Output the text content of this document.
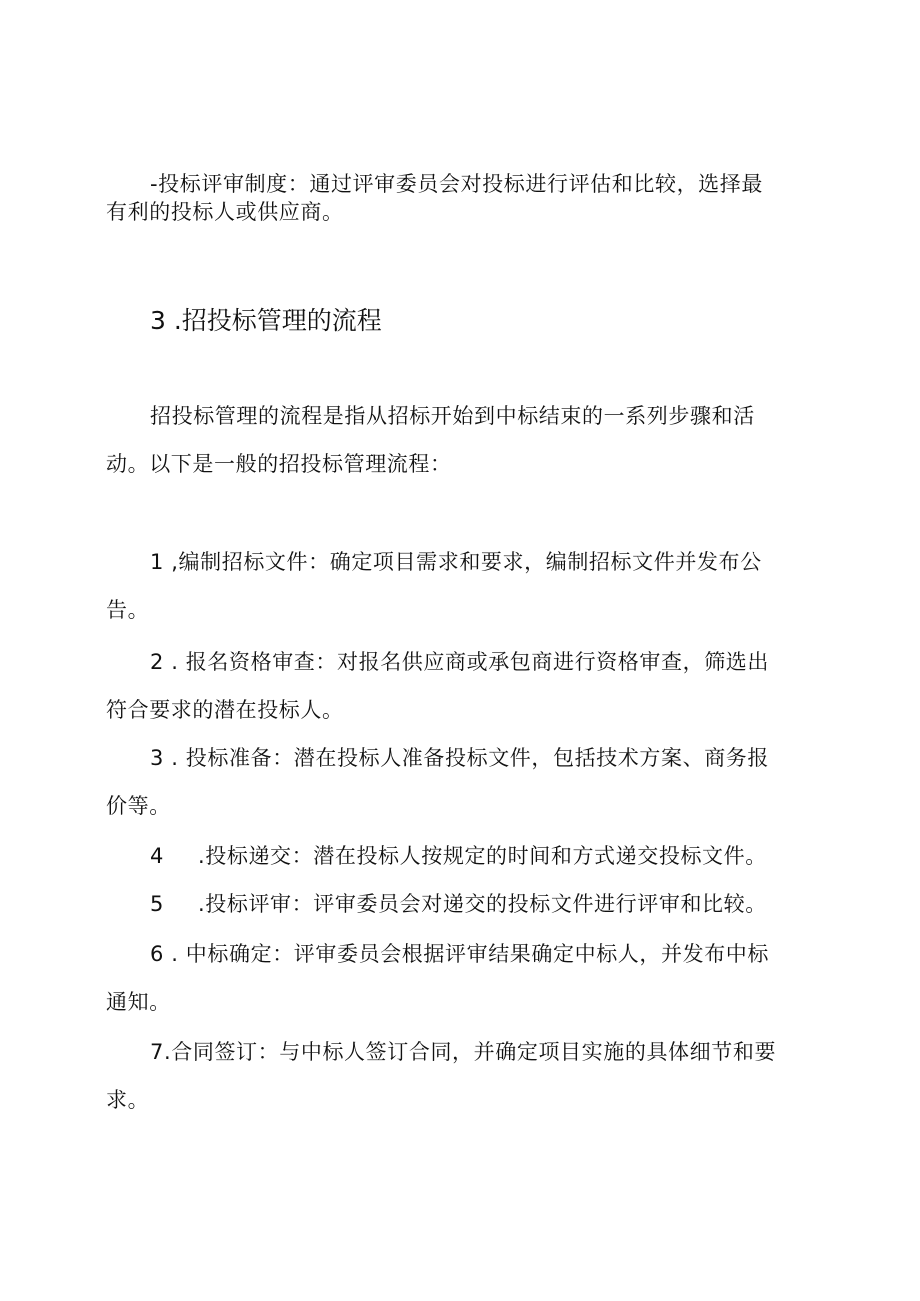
-投标评审制度：通过评审委员会对投标进行评估和比较，选择最
有利的投标人或供应商。
3 .招投标管理的流程
招投标管理的流程是指从招标开始到中标结束的一系列步骤和活
动。以下是一般的招投标管理流程：
1 ,编制招标文件：确定项目需求和要求，编制招标文件并发布公
告。
2 . 报名资格审查：对报名供应商或承包商进行资格审查，筛选出
符合要求的潜在投标人。
3 . 投标准备：潜在投标人准备投标文件，包括技术方案、商务报
价等。
4 .投标递交：潜在投标人按规定的时间和方式递交投标文件。
5 .投标评审：评审委员会对递交的投标文件进行评审和比较。
6 . 中标确定：评审委员会根据评审结果确定中标人，并发布中标
通知。
7.合同签订：与中标人签订合同，并确定项目实施的具体细节和要
求。
